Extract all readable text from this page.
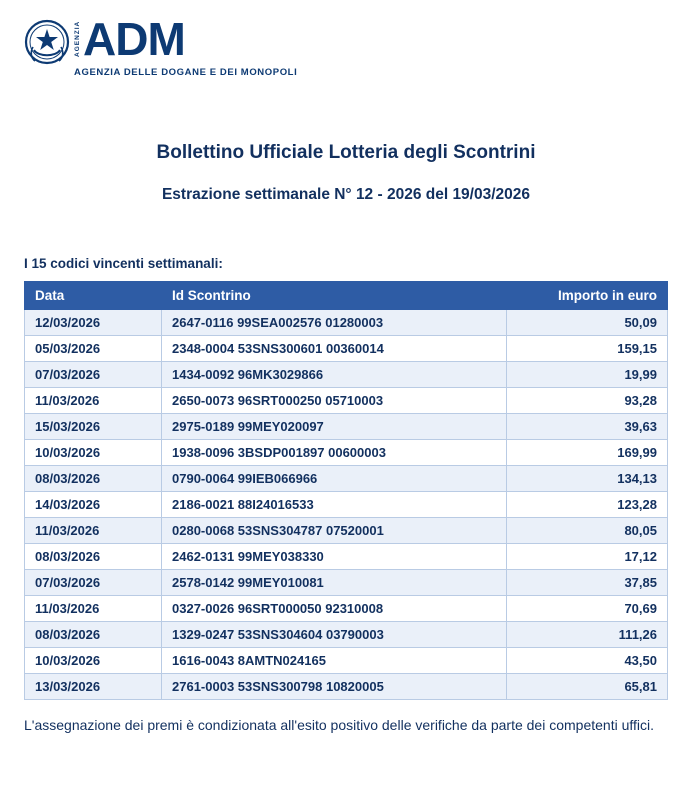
AGENZIA ADM
AGENZIA DELLE DOGANE E DEI MONOPOLI
Bollettino Ufficiale Lotteria degli Scontrini
Estrazione settimanale N° 12 - 2026 del 19/03/2026
I 15 codici vincenti settimanali:
Data	Id Scontrino	Importo in euro
12/03/2026	2647-0116 99SEA002576 01280003	50,09
05/03/2026	2348-0004 53SNS300601 00360014	159,15
07/03/2026	1434-0092 96MK3029866	19,99
11/03/2026	2650-0073 96SRT000250 05710003	93,28
15/03/2026	2975-0189 99MEY020097	39,63
10/03/2026	1938-0096 3BSDP001897 00600003	169,99
08/03/2026	0790-0064 99IEB066966	134,13
14/03/2026	2186-0021 88I24016533	123,28
11/03/2026	0280-0068 53SNS304787 07520001	80,05
08/03/2026	2462-0131 99MEY038330	17,12
07/03/2026	2578-0142 99MEY010081	37,85
11/03/2026	0327-0026 96SRT000050 92310008	70,69
08/03/2026	1329-0247 53SNS304604 03790003	111,26
10/03/2026	1616-0043 8AMTN024165	43,50
13/03/2026	2761-0003 53SNS300798 10820005	65,81
L'assegnazione dei premi è condizionata all'esito positivo delle verifiche da parte dei competenti uffici.
